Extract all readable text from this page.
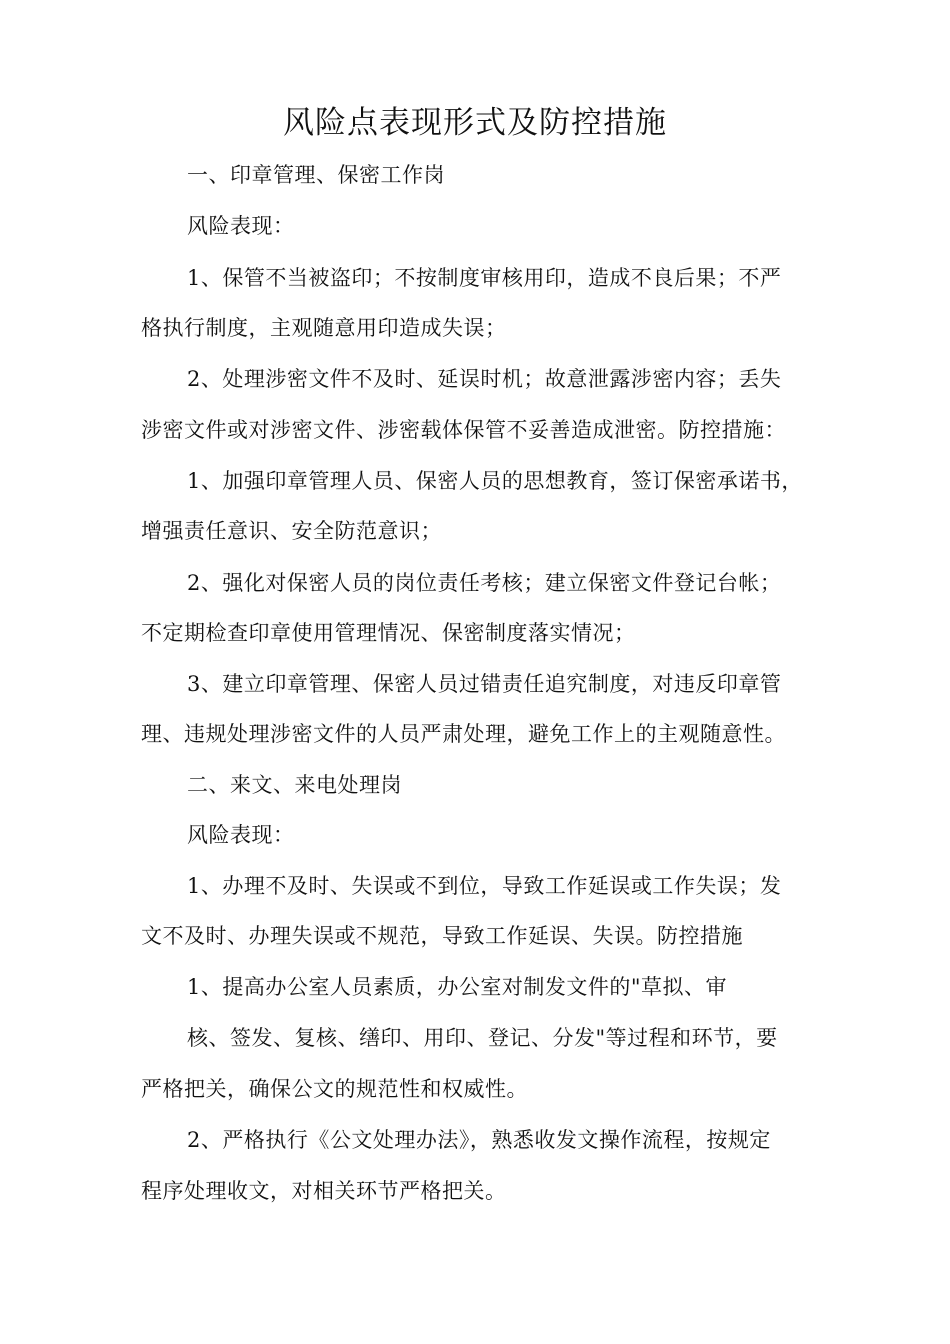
风险点表现形式及防控措施
一、印章管理、保密工作岗
风险表现：
1、保管不当被盗印；不按制度审核用印，造成不良后果；不严
格执行制度，主观随意用印造成失误；
2、处理涉密文件不及时、延误时机；故意泄露涉密内容；丢失
涉密文件或对涉密文件、涉密载体保管不妥善造成泄密。防控措施：
1、加强印章管理人员、保密人员的思想教育，签订保密承诺书，
增强责任意识、安全防范意识；
2、强化对保密人员的岗位责任考核；建立保密文件登记台帐；
不定期检查印章使用管理情况、保密制度落实情况；
3、建立印章管理、保密人员过错责任追究制度，对违反印章管
理、违规处理涉密文件的人员严肃处理，避免工作上的主观随意性。
二、来文、来电处理岗
风险表现：
1、办理不及时、失误或不到位，导致工作延误或工作失误；发
文不及时、办理失误或不规范，导致工作延误、失误。防控措施
1、提高办公室人员素质，办公室对制发文件的"草拟、审
核、签发、复核、缮印、用印、登记、分发"等过程和环节，要
严格把关，确保公文的规范性和权威性。
2、严格执行《公文处理办法》，熟悉收发文操作流程，按规定
程序处理收文，对相关环节严格把关。
